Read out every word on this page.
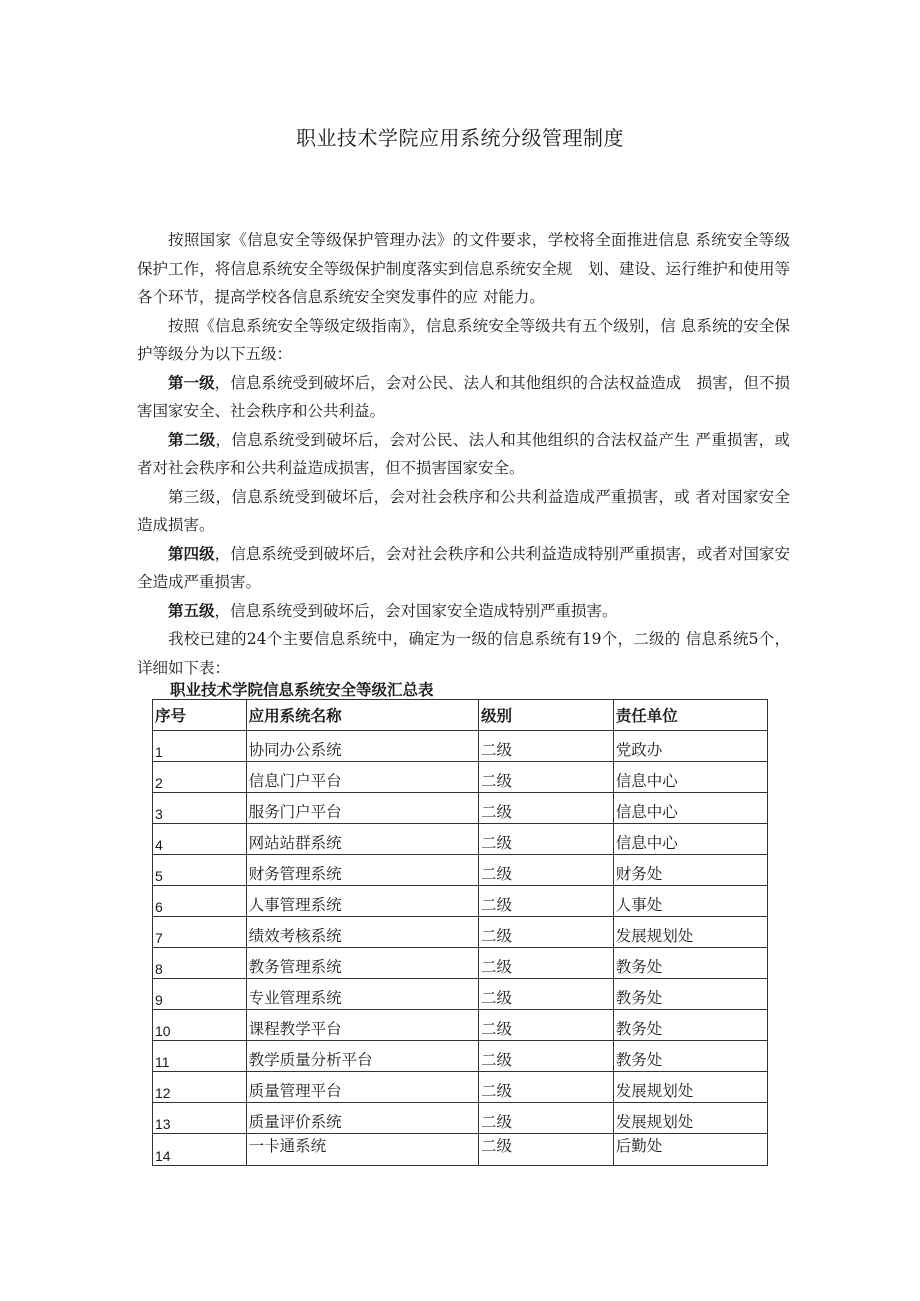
职业技术学院应用系统分级管理制度

按照国家《信息安全等级保护管理办法》的文件要求，学校将全面推进信息 系统安全等级保护工作，将信息系统安全等级保护制度落实到信息系统安全规　划、建设、运行维护和使用等各个环节，提高学校各信息系统安全突发事件的应 对能力。

按照《信息系统安全等级定级指南》，信息系统安全等级共有五个级别，信 息系统的安全保护等级分为以下五级：

第一级，信息系统受到破坏后，会对公民、法人和其他组织的合法权益造成　损害，但不损害国家安全、社会秩序和公共利益。

第二级，信息系统受到破坏后，会对公民、法人和其他组织的合法权益产生 严重损害，或者对社会秩序和公共利益造成损害，但不损害国家安全。

第三级，信息系统受到破坏后，会对社会秩序和公共利益造成严重损害，或 者对国家安全造成损害。

第四级，信息系统受到破坏后，会对社会秩序和公共利益造成特别严重损害，或者对国家安全造成严重损害。

第五级，信息系统受到破坏后，会对国家安全造成特别严重损害。

我校已建的24个主要信息系统中，确定为一级的信息系统有19个，二级的 信息系统5个，详细如下表：

职业技术学院信息系统安全等级汇总表
序号	应用系统名称	级别	责任单位
1	协同办公系统	二级	党政办
2	信息门户平台	二级	信息中心
3	服务门户平台	二级	信息中心
4	网站站群系统	二级	信息中心
5	财务管理系统	二级	财务处
6	人事管理系统	二级	人事处
7	绩效考核系统	二级	发展规划处
8	教务管理系统	二级	教务处
9	专业管理系统	二级	教务处
10	课程教学平台	二级	教务处
11	教学质量分析平台	二级	教务处
12	质量管理平台	二级	发展规划处
13	质量评价系统	二级	发展规划处
14	一卡通系统	二级	后勤处
